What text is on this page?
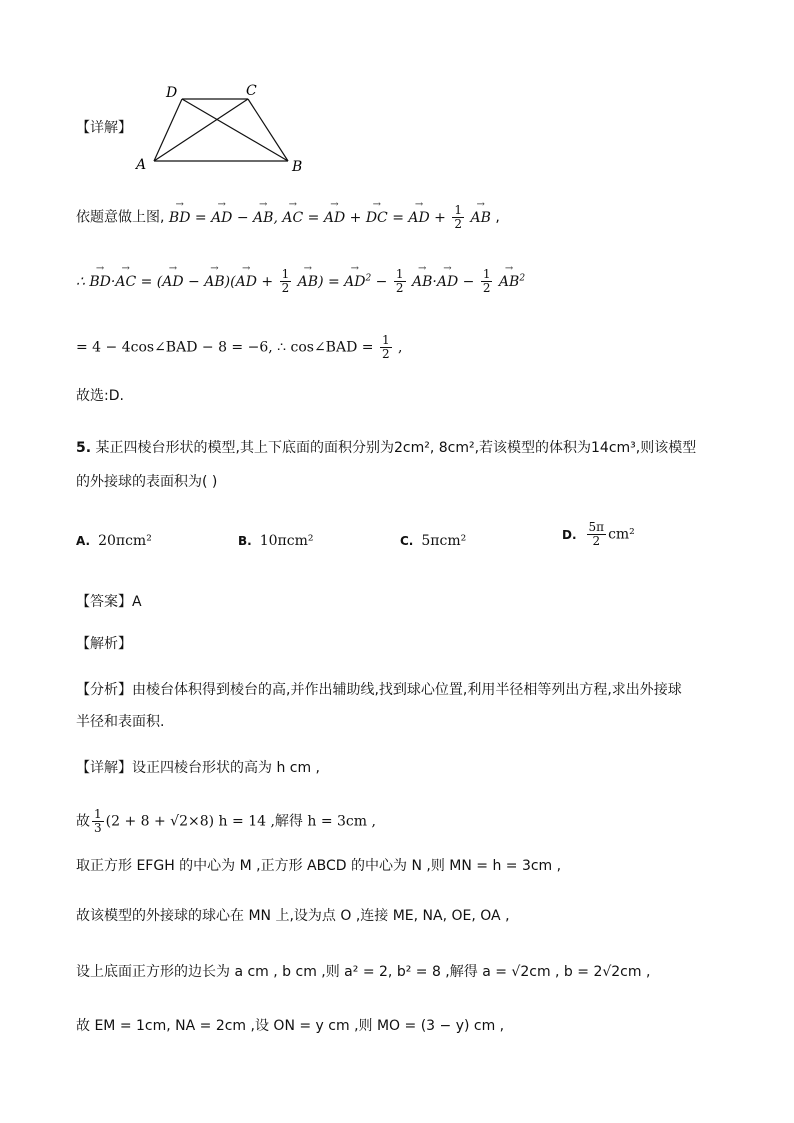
D	C
A	B
【详解】
依题意做上图, → BD = → AD − → AB, → AC = → AD + → DC = → AD + $\frac{1}{2}$
→ AB ,
∴ → BD·→ AC = (→ AD − → AB)(→ AD + $\frac{1}{2}$
→ AB) = → $AD^2 - \frac{1}{2}$
→ AB·→ AD − $\frac{1}{2}$
→ $AB^2$
= 4 − 4cos∠BAD − 8 = −6, ∴ cos∠BAD = $\frac{1}{2}$ ,
故选:D.
5. 某正四棱台形状的模型,其上下底面的面积分别为2cm², 8cm²,若该模型的体积为14cm³,则该模型
的外接球的表面积为( )
A. 20πcm²	B. 10πcm²	C. 5πcm²	D. $\frac{5\pi}{2} cm^2$
【答案】A
【解析】
【分析】由棱台体积得到棱台的高,并作出辅助线,找到球心位置,利用半径相等列出方程,求出外接球
半径和表面积.
【详解】设正四棱台形状的高为 h cm ,
故 $\frac{1}{3} (2 + 8 + √2\times 8) h = 14$ ,解得 h = 3cm ,
取正方形 EFGH 的中心为 M ,正方形 ABCD 的中心为 N ,则 MN = h = 3cm ,
故该模型的外接球的球心在 MN 上,设为点 O ,连接 ME, NA, OE, OA ,
设上底面正方形的边长为 a cm , b cm ,则 a² = 2, b² = 8 ,解得 a = √2cm , b = 2√2cm ,
故 EM = 1cm, NA = 2cm ,设 ON = y cm ,则 MO = (3 − y) cm ,
